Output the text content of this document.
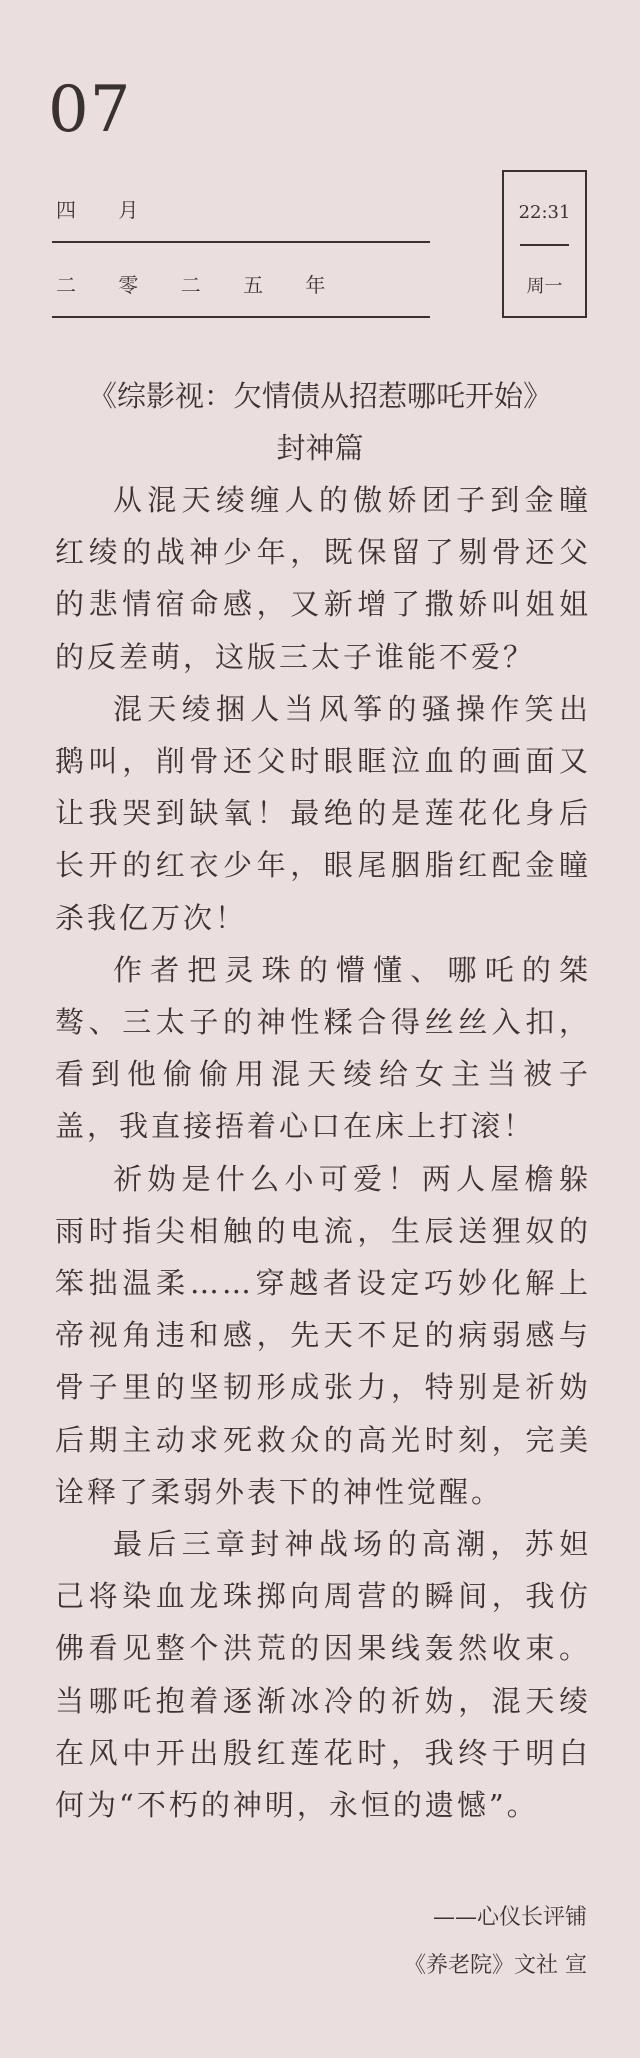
07
四 月
二 零 二 五 年
22:31
周一
《综影视：欠情债从招惹哪吒开始》
封神篇

从混天绫缠人的傲娇团子到金瞳红绫的战神少年，既保留了剔骨还父的悲情宿命感，又新增了撒娇叫姐姐的反差萌，这版三太子谁能不爱？

混天绫捆人当风筝的骚操作笑出鹅叫，削骨还父时眼眶泣血的画面又让我哭到缺氧！最绝的是莲花化身后长开的红衣少年，眼尾胭脂红配金瞳杀我亿万次！

作者把灵珠的懵懂、哪吒的桀骜、三太子的神性糅合得丝丝入扣，看到他偷偷用混天绫给女主当被子盖，我直接捂着心口在床上打滚！

祈妫是什么小可爱！两人屋檐躲雨时指尖相触的电流，生辰送狸奴的笨拙温柔……穿越者设定巧妙化解上帝视角违和感，先天不足的病弱感与骨子里的坚韧形成张力，特别是祈妫后期主动求死救众的高光时刻，完美诠释了柔弱外表下的神性觉醒。

最后三章封神战场的高潮，苏妲己将染血龙珠掷向周营的瞬间，我仿佛看见整个洪荒的因果线轰然收束。当哪吒抱着逐渐冰冷的祈妫，混天绫在风中开出殷红莲花时，我终于明白何为“不朽的神明，永恒的遗憾”。

——心仪长评铺
《养老院》文社 宣
